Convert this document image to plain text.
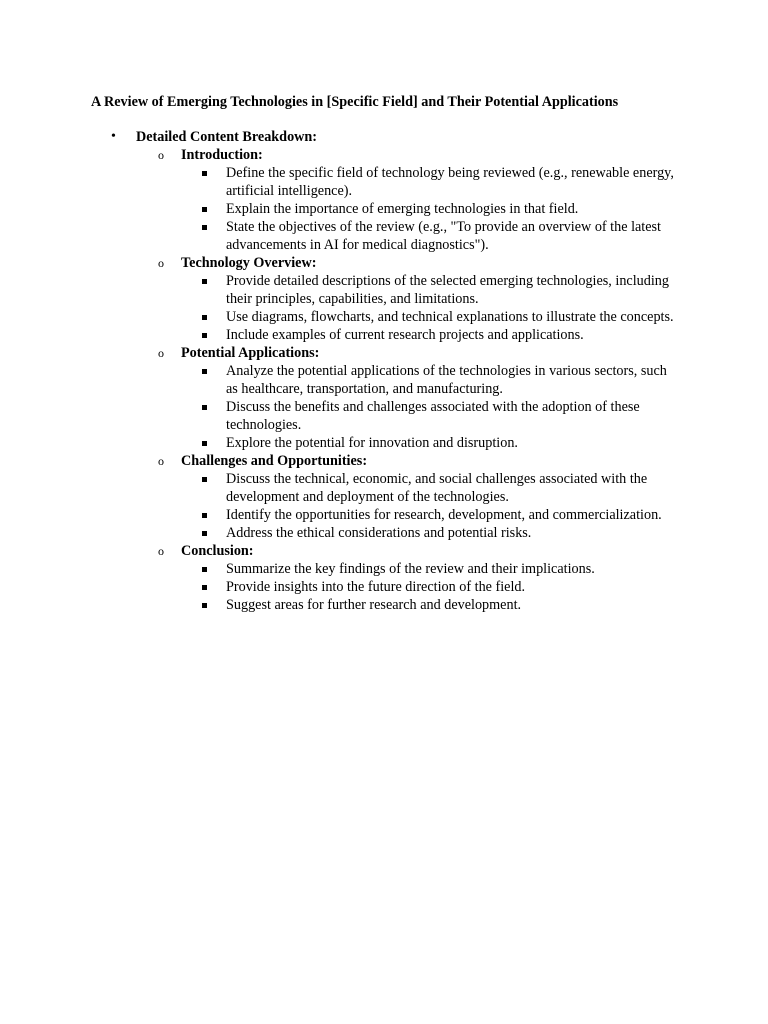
A Review of Emerging Technologies in [Specific Field] and Their Potential Applications
• Detailed Content Breakdown:
o Introduction:
Define the specific field of technology being reviewed (e.g., renewable energy, artificial intelligence).
Explain the importance of emerging technologies in that field.
State the objectives of the review (e.g., "To provide an overview of the latest advancements in AI for medical diagnostics").
o Technology Overview:
Provide detailed descriptions of the selected emerging technologies, including their principles, capabilities, and limitations.
Use diagrams, flowcharts, and technical explanations to illustrate the concepts.
Include examples of current research projects and applications.
o Potential Applications:
Analyze the potential applications of the technologies in various sectors, such as healthcare, transportation, and manufacturing.
Discuss the benefits and challenges associated with the adoption of these technologies.
Explore the potential for innovation and disruption.
o Challenges and Opportunities:
Discuss the technical, economic, and social challenges associated with the development and deployment of the technologies.
Identify the opportunities for research, development, and commercialization.
Address the ethical considerations and potential risks.
o Conclusion:
Summarize the key findings of the review and their implications.
Provide insights into the future direction of the field.
Suggest areas for further research and development.
